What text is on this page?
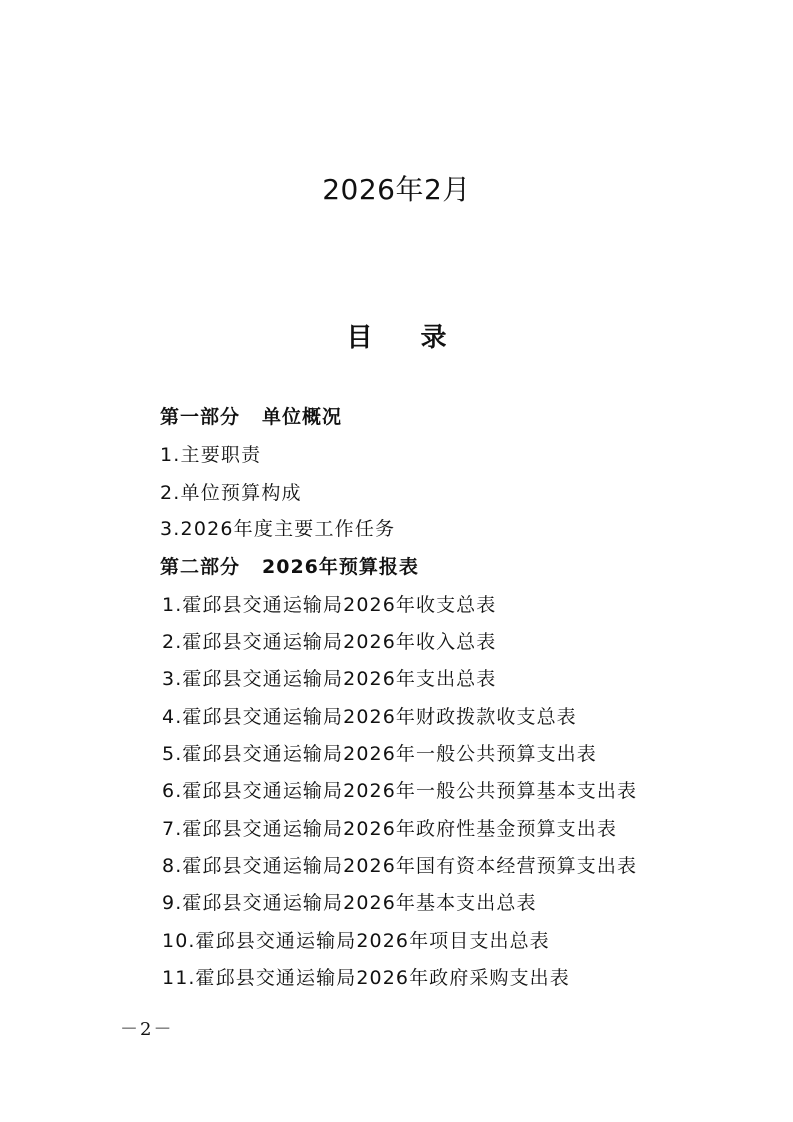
2026年2月
目 录
第一部分 单位概况
1.主要职责
2.单位预算构成
3.2026年度主要工作任务
第二部分 2026年预算报表
1.霍邱县交通运输局2026年收支总表
2.霍邱县交通运输局2026年收入总表
3.霍邱县交通运输局2026年支出总表
4.霍邱县交通运输局2026年财政拨款收支总表
5.霍邱县交通运输局2026年一般公共预算支出表
6.霍邱县交通运输局2026年一般公共预算基本支出表
7.霍邱县交通运输局2026年政府性基金预算支出表
8.霍邱县交通运输局2026年国有资本经营预算支出表
9.霍邱县交通运输局2026年基本支出总表
10.霍邱县交通运输局2026年项目支出总表
11.霍邱县交通运输局2026年政府采购支出表
－2－
